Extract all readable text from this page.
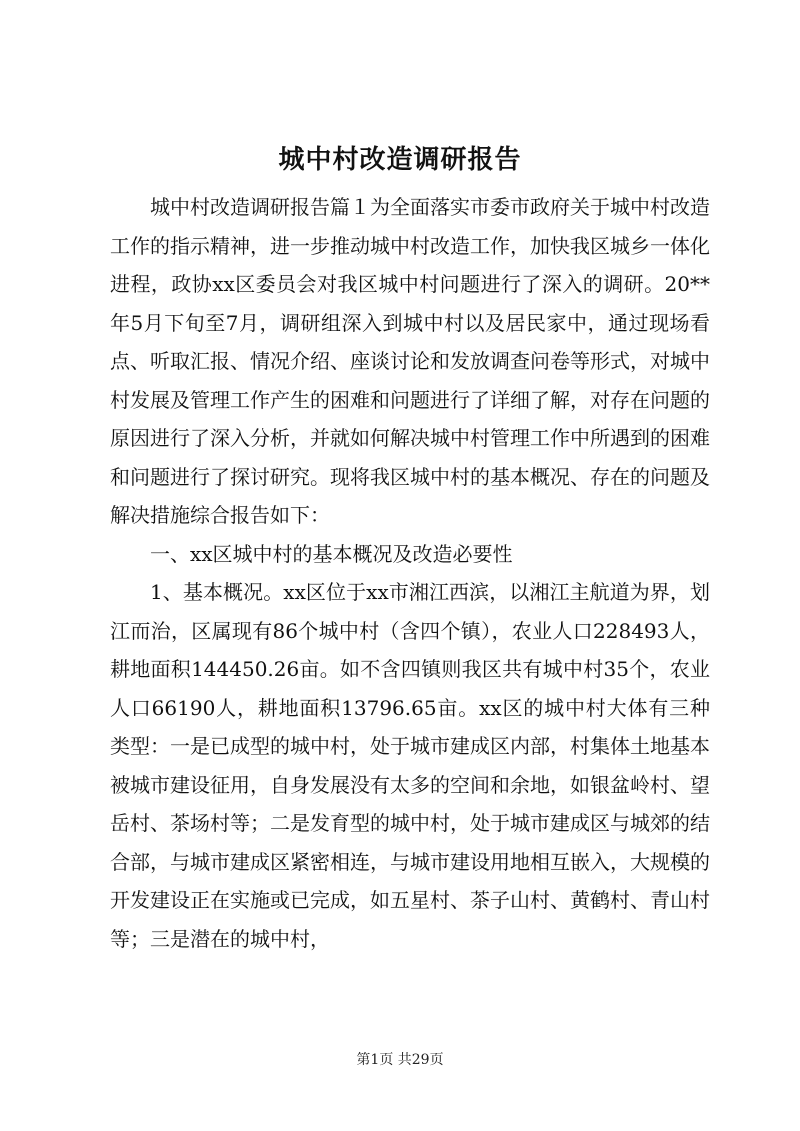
城中村改造调研报告

城中村改造调研报告篇１为全面落实市委市政府关于城中村改造工作的指示精神，进一步推动城中村改造工作，加快我区城乡一体化进程，政协xx区委员会对我区城中村问题进行了深入的调研。20**年5月下旬至7月，调研组深入到城中村以及居民家中，通过现场看点、听取汇报、情况介绍、座谈讨论和发放调查问卷等形式，对城中村发展及管理工作产生的困难和问题进行了详细了解，对存在问题的原因进行了深入分析，并就如何解决城中村管理工作中所遇到的困难和问题进行了探讨研究。现将我区城中村的基本概况、存在的问题及解决措施综合报告如下：

一、xx区城中村的基本概况及改造必要性

1、基本概况。xx区位于xx市湘江西滨，以湘江主航道为界，划江而治，区属现有86个城中村（含四个镇），农业人口228493人，耕地面积144450.26亩。如不含四镇则我区共有城中村35个，农业人口66190人，耕地面积13796.65亩。xx区的城中村大体有三种类型：一是已成型的城中村，处于城市建成区内部，村集体土地基本被城市建设征用，自身发展没有太多的空间和余地，如银盆岭村、望岳村、茶场村等；二是发育型的城中村，处于城市建成区与城郊的结合部，与城市建成区紧密相连，与城市建设用地相互嵌入，大规模的开发建设正在实施或已完成，如五星村、茶子山村、黄鹤村、青山村等；三是潜在的城中村，

第1页 共29页
